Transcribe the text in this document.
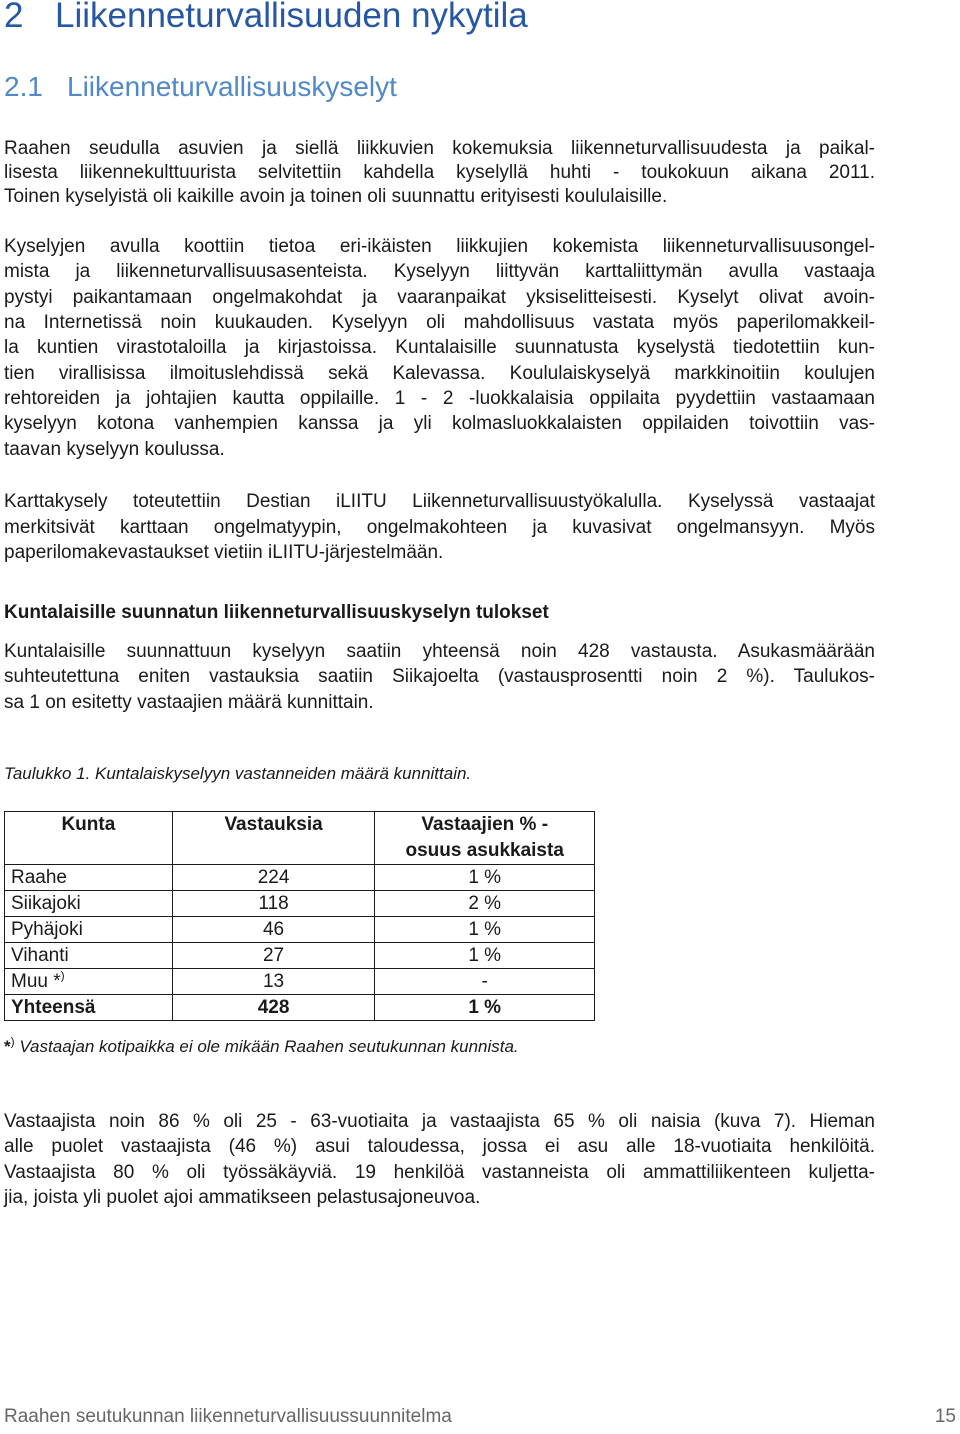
2 Liikenneturvallisuuden nykytila
2.1 Liikenneturvallisuuskyselyt
Raahen seudulla asuvien ja siellä liikkuvien kokemuksia liikenneturvallisuudesta ja paikal-
lisesta liikennekulttuurista selvitettiin kahdella kyselyllä huhti - toukokuun aikana 2011.
Toinen kyselyistä oli kaikille avoin ja toinen oli suunnattu erityisesti koululaisille.
Kyselyjen avulla koottiin tietoa eri-ikäisten liikkujien kokemista liikenneturvallisuusongel-
mista ja liikenneturvallisuusasenteista. Kyselyyn liittyvän karttaliittymän avulla vastaaja
pystyi paikantamaan ongelmakohdat ja vaaranpaikat yksiselitteisesti. Kyselyt olivat avoin-
na Internetissä noin kuukauden. Kyselyyn oli mahdollisuus vastata myös paperilomakkeil-
la kuntien virastotaloilla ja kirjastoissa. Kuntalaisille suunnatusta kyselystä tiedotettiin kun-
tien virallisissa ilmoituslehdissä sekä Kalevassa. Koululaiskyselyä markkinoitiin koulujen
rehtoreiden ja johtajien kautta oppilaille. 1 - 2 -luokkalaisia oppilaita pyydettiin vastaamaan
kyselyyn kotona vanhempien kanssa ja yli kolmasluokkalaisten oppilaiden toivottiin vas-
taavan kyselyyn koulussa.
Karttakysely toteutettiin Destian iLIITU Liikenneturvallisuustyökalulla. Kyselyssä vastaajat
merkitsivät karttaan ongelmatyypin, ongelmakohteen ja kuvasivat ongelmansyyn. Myös
paperilomakevastaukset vietiin iLIITU-järjestelmään.
Kuntalaisille suunnatun liikenneturvallisuuskyselyn tulokset
Kuntalaisille suunnattuun kyselyyn saatiin yhteensä noin 428 vastausta. Asukasmäärään
suhteutettuna eniten vastauksia saatiin Siikajoelta (vastausprosentti noin 2 %). Taulukos-
sa 1 on esitetty vastaajien määrä kunnittain.
Taulukko 1. Kuntalaiskyselyyn vastanneiden määrä kunnittain.
Kunta	Vastauksia	Vastaajien % -
osuus asukkaista
Raahe	224	1 %
Siikajoki	118	2 %
Pyhäjoki	46	1 %
Vihanti	27	1 %
Muu *)	13	-
Yhteensä	428	1 %
*) Vastaajan kotipaikka ei ole mikään Raahen seutukunnan kunnista.
Vastaajista noin 86 % oli 25 - 63-vuotiaita ja vastaajista 65 % oli naisia (kuva 7). Hieman
alle puolet vastaajista (46 %) asui taloudessa, jossa ei asu alle 18-vuotiaita henkilöitä.
Vastaajista 80 % oli työssäkäyviä. 19 henkilöä vastanneista oli ammattiliikenteen kuljetta-
jia, joista yli puolet ajoi ammatikseen pelastusajoneuvoa.
Raahen seutukunnan liikenneturvallisuussuunnitelma	15
